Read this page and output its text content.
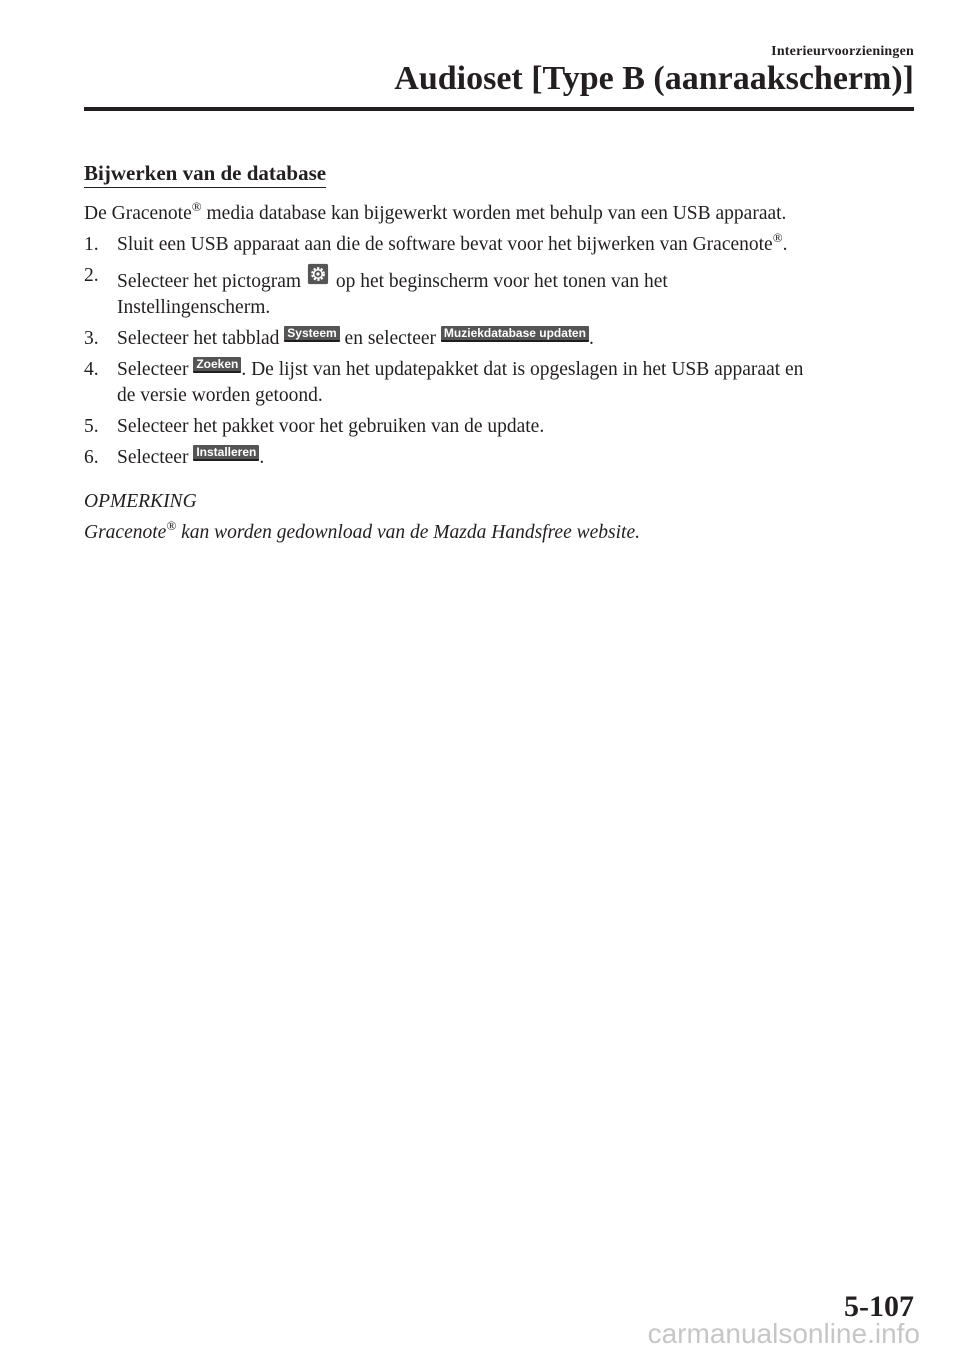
Interieurvoorzieningen
Audioset [Type B (aanraakscherm)]
Bijwerken van de database

De Gracenote® media database kan bijgewerkt worden met behulp van een USB apparaat.

1. Sluit een USB apparaat aan die de software bevat voor het bijwerken van Gracenote®.
2. Selecteer het pictogram  op het beginscherm voor het tonen van het
Instellingenscherm.
3. Selecteer het tabblad Systeem en selecteer Muziekdatabase updaten .
4. Selecteer Zoeken . De lijst van het updatepakket dat is opgeslagen in het USB apparaat en
de versie worden getoond.
5. Selecteer het pakket voor het gebruiken van de update.
6. Selecteer Installeren .
OPMERKING
Gracenote® kan worden gedownload van de Mazda Handsfree website.
5-107
carmanualsonline.info
